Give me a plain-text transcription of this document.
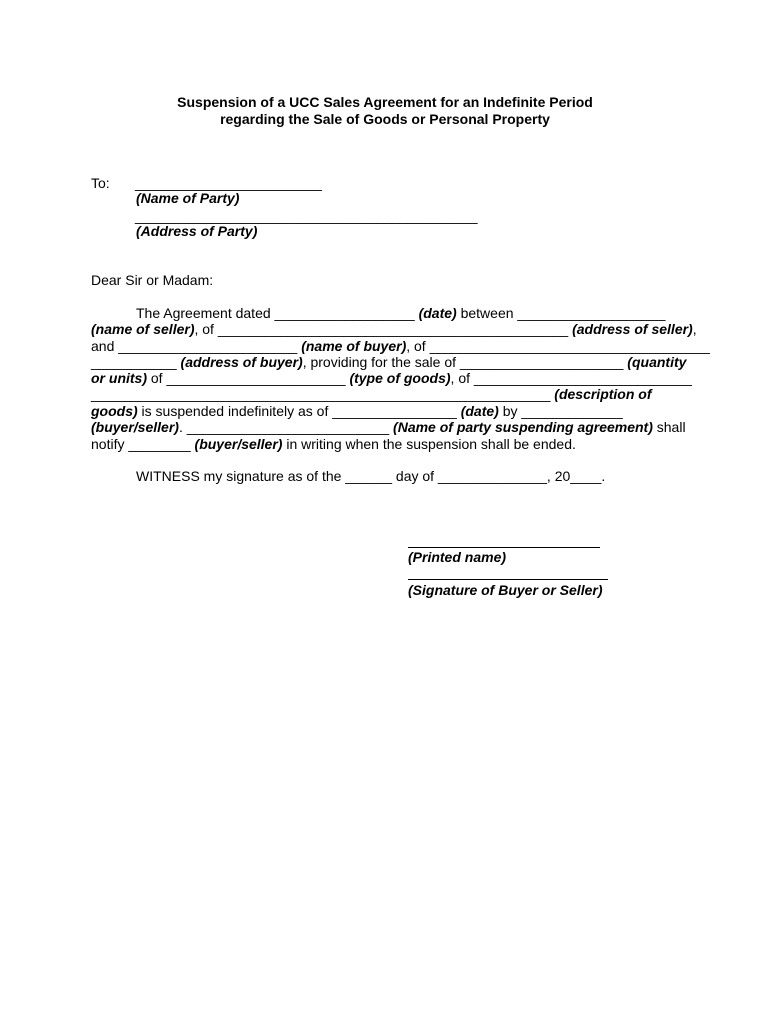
Suspension of a UCC Sales Agreement for an Indefinite Period
regarding the Sale of Goods or Personal Property
To: ________________________
(Name of Party)
____________________________________________
(Address of Party)
Dear Sir or Madam:
The Agreement dated __________________ (date) between ___________________
(name of seller), of _____________________________________________ (address of seller),
and _______________________ (name of buyer), of ____________________________________
___________ (address of buyer), providing for the sale of _____________________ (quantity
or units) of _______________________ (type of goods), of ____________________________
___________________________________________________________ (description of
goods) is suspended indefinitely as of ________________ (date) by _____________
(buyer/seller). __________________________ (Name of party suspending agreement) shall
notify ________ (buyer/seller) in writing when the suspension shall be ended.
WITNESS my signature as of the ______ day of ______________, 20____.
(Printed name)
(Signature of Buyer or Seller)
